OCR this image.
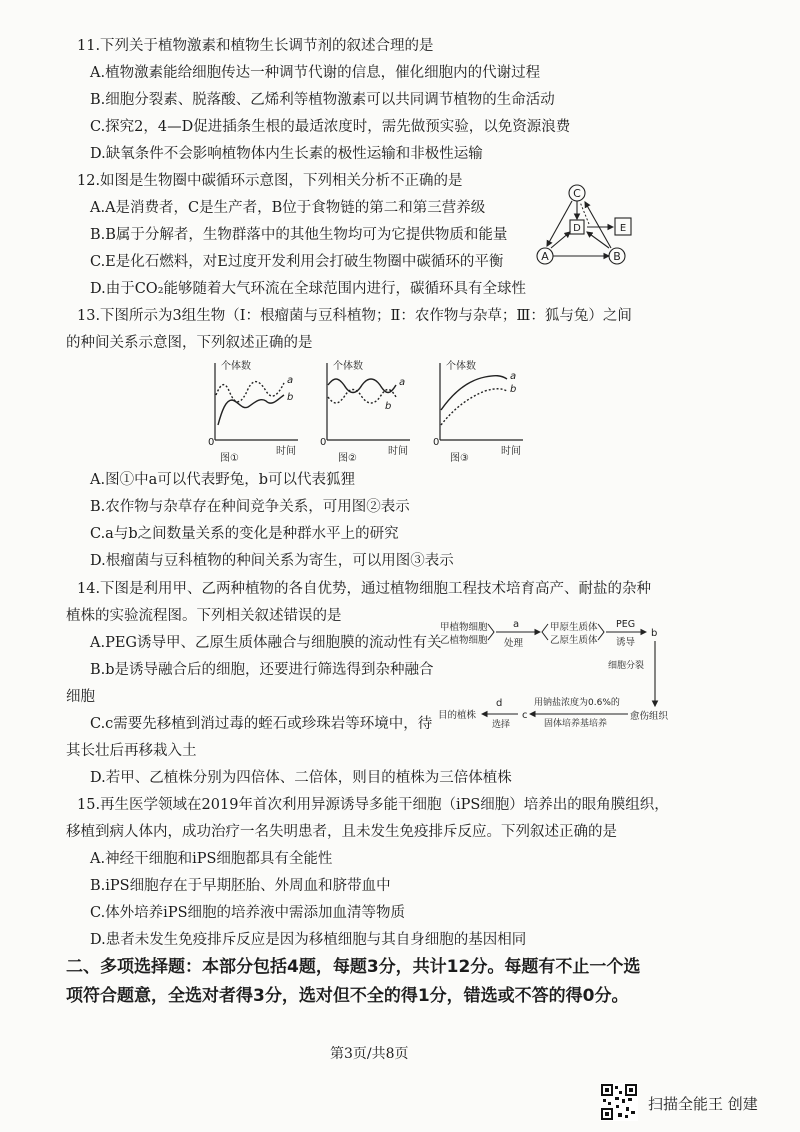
11.下列关于植物激素和植物生长调节剂的叙述合理的是
A.植物激素能给细胞传达一种调节代谢的信息，催化细胞内的代谢过程
B.细胞分裂素、脱落酸、乙烯利等植物激素可以共同调节植物的生命活动
C.探究2，4—D促进插条生根的最适浓度时，需先做预实验，以免资源浪费
D.缺氧条件不会影响植物体内生长素的极性运输和非极性运输
12.如图是生物圈中碳循环示意图，下列相关分析不正确的是
A.A是消费者，C是生产者，B位于食物链的第二和第三营养级
B.B属于分解者，生物群落中的其他生物均可为它提供物质和能量
C.E是化石燃料，对E过度开发利用会打破生物圈中碳循环的平衡
D.由于CO₂能够随着大气环流在全球范围内进行，碳循环具有全球性
C
D	E
A	B
13.下图所示为3组生物（Ⅰ：根瘤菌与豆科植物；Ⅱ：农作物与杂草；Ⅲ：狐与兔）之间
的种间关系示意图，下列叙述正确的是
个体数
0
时间
a
b
图①
个体数
0
时间
a
b
图②
个体数
0
时间
a
b
图③
A.图①中a可以代表野兔，b可以代表狐狸
B.农作物与杂草存在种间竞争关系，可用图②表示
C.a与b之间数量关系的变化是种群水平上的研究
D.根瘤菌与豆科植物的种间关系为寄生，可以用图③表示
14.下图是利用甲、乙两种植物的各自优势，通过植物细胞工程技术培育高产、耐盐的杂种
植株的实验流程图。下列相关叙述错误的是
A.PEG诱导甲、乙原生质体融合与细胞膜的流动性有关
B.b是诱导融合后的细胞，还要进行筛选得到杂种融合
细胞
C.c需要先移植到消过毒的蛭石或珍珠岩等环境中，待
其长壮后再移栽入土
D.若甲、乙植株分别为四倍体、二倍体，则目的植株为三倍体植株
甲植物细胞
乙植物细胞
a
处理
甲原生质体
乙原生质体
PEG
诱导
b
细胞分裂
愈伤组织
用钠盐浓度为0.6%的
固体培养基培养
c
d
选择
目的植株
15.再生医学领域在2019年首次利用异源诱导多能干细胞（iPS细胞）培养出的眼角膜组织，
移植到病人体内，成功治疗一名失明患者，且未发生免疫排斥反应。下列叙述正确的是
A.神经干细胞和iPS细胞都具有全能性
B.iPS细胞存在于早期胚胎、外周血和脐带血中
C.体外培养iPS细胞的培养液中需添加血清等物质
D.患者未发生免疫排斥反应是因为移植细胞与其自身细胞的基因相同
二、多项选择题：本部分包括4题，每题3分，共计12分。每题有不止一个选
项符合题意，全选对者得3分，选对但不全的得1分，错选或不答的得0分。
第3页/共8页
扫描全能王 创建
